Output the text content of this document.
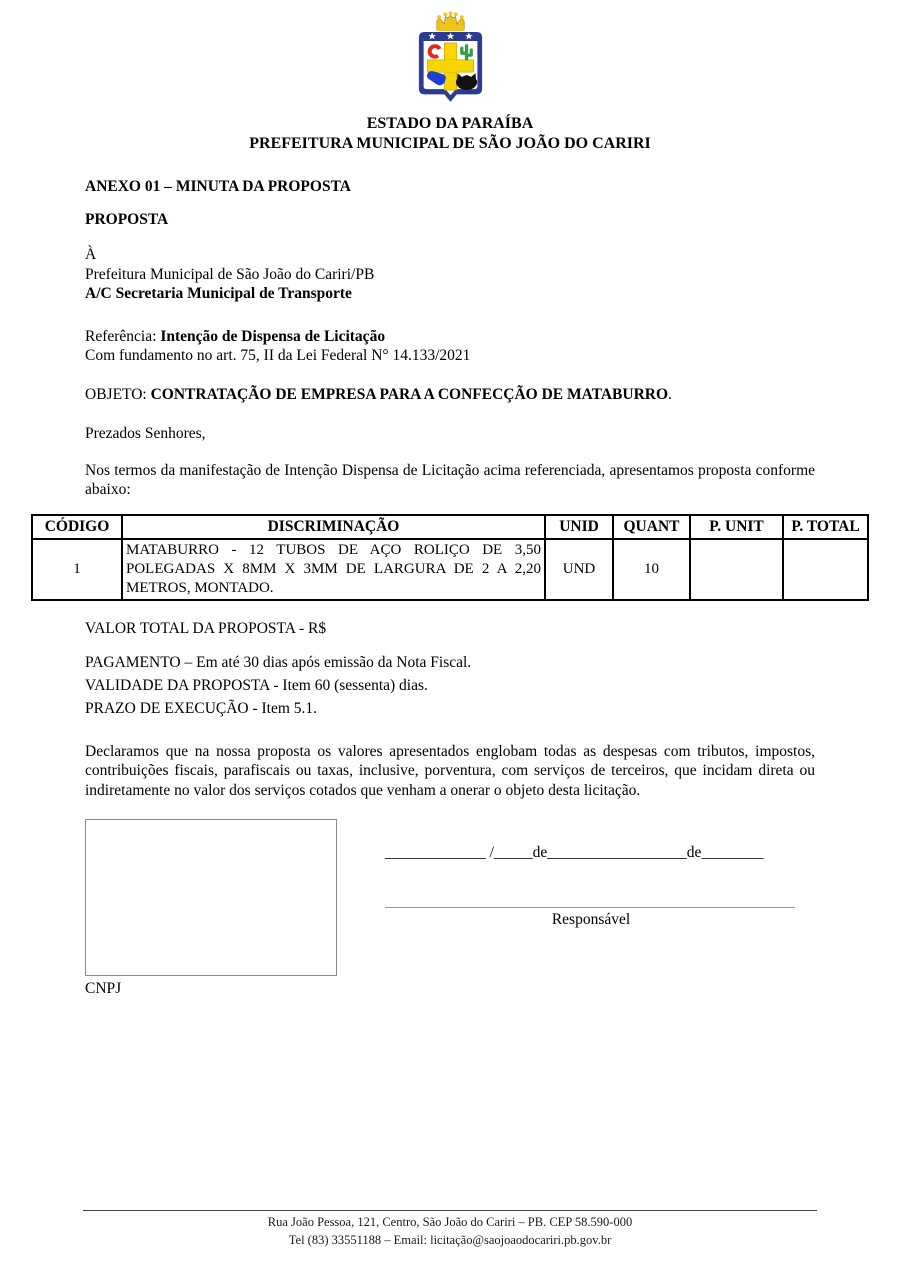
ESTADO DA PARAÍBA
PREFEITURA MUNICIPAL DE SÃO JOÃO DO CARIRI

ANEXO 01 – MINUTA DA PROPOSTA

PROPOSTA

À
Prefeitura Municipal de São João do Cariri/PB
A/C Secretaria Municipal de Transporte

Referência: Intenção de Dispensa de Licitação
Com fundamento no art. 75, II da Lei Federal N° 14.133/2021

OBJETO: CONTRATAÇÃO DE EMPRESA PARA A CONFECÇÃO DE MATABURRO.

Prezados Senhores,

Nos termos da manifestação de Intenção Dispensa de Licitação acima referenciada, apresentamos proposta conforme abaixo:

CÓDIGO	DISCRIMINAÇÃO	UNID	QUANT	P. UNIT	P. TOTAL
1	MATABURRO - 12 TUBOS DE AÇO ROLIÇO DE 3,50 POLEGADAS X 8MM X 3MM DE LARGURA DE 2 A 2,20 METROS, MONTADO.	UND	10		

VALOR TOTAL DA PROPOSTA - R$

PAGAMENTO – Em até 30 dias após emissão da Nota Fiscal.

VALIDADE DA PROPOSTA - Item 60 (sessenta) dias.

PRAZO DE EXECUÇÃO - Item 5.1.

Declaramos que na nossa proposta os valores apresentados englobam todas as despesas com tributos, impostos, contribuições fiscais, parafiscais ou taxas, inclusive, porventura, com serviços de terceiros, que incidam direta ou indiretamente no valor dos serviços cotados que venham a onerar o objeto desta licitação.

CNPJ
_____________ /_____de__________________de________
Responsável
Rua João Pessoa, 121, Centro, São João do Cariri – PB. CEP 58.590-000
Tel (83) 33551188 – Email: licitação@saojoaodocariri.pb.gov.br
